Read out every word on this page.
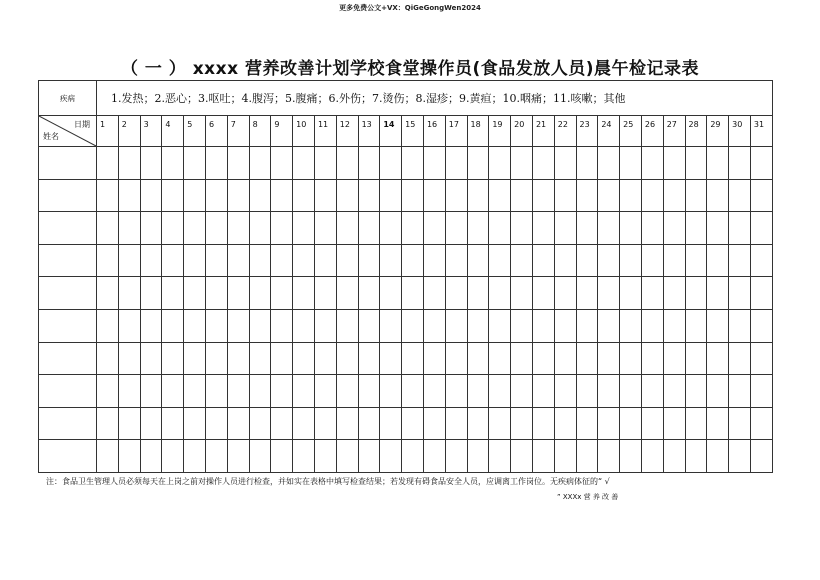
更多免费公文+VX：QiGeGongWen2024
（ 一 ） xxxx 营养改善计划学校食堂操作员(食品发放人员)晨午检记录表
疾病	1.发热；2.恶心；3.呕吐；4.腹泻；5.腹痛；6.外伤；7.烫伤；8.湿疹；9.黄疸；10.咽痛；11.咳嗽；其他																														

日期
姓名	1	2	3	4	5	6	7	8	9	10	11	12	13	14	15	16	17	18	19	20	21	22	23	24	25	26	27	28	29	30	31

注：食品卫生管理人员必须每天在上岗之前对操作人员进行检查，并如实在表格中填写检查结果；若发现有碍食品安全人员，应调离工作岗位。无疾病体征的“ √
” XXXx 营 养 改 善
